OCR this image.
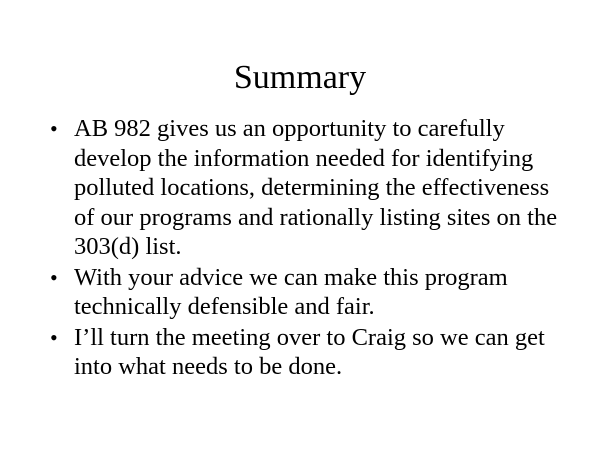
Summary
• AB 982 gives us an opportunity to carefully develop the information needed for identifying polluted locations, determining the effectiveness of our programs and rationally listing sites on the 303(d) list.
• With your advice we can make this program technically defensible and fair.
• I’ll turn the meeting over to Craig so we can get into what needs to be done.
